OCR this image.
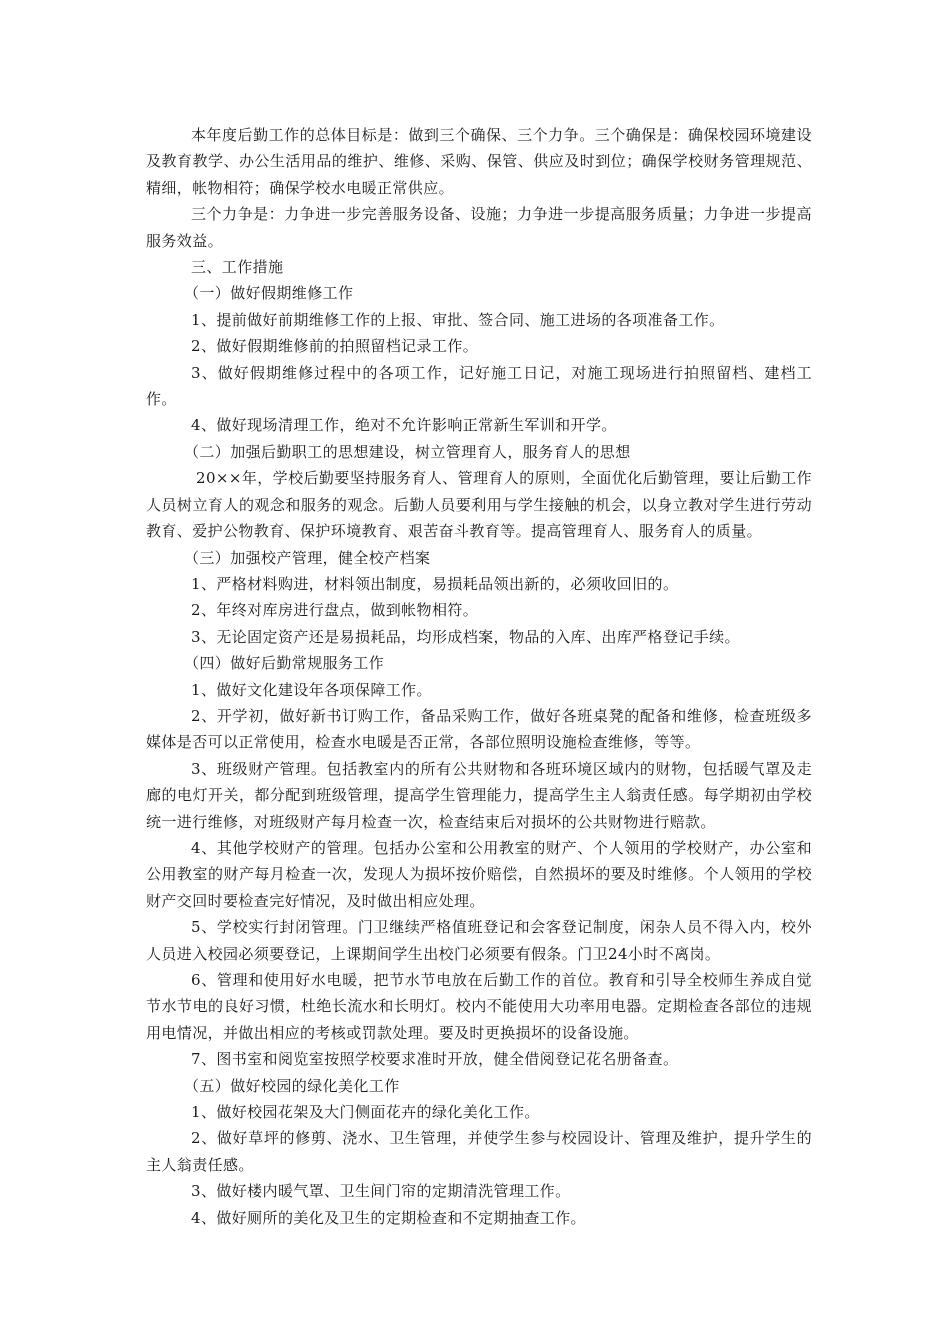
本年度后勤工作的总体目标是：做到三个确保、三个力争。三个确保是：确保校园环境建设及教育教学、办公生活用品的维护、维修、采购、保管、供应及时到位；确保学校财务管理规范、精细，帐物相符；确保学校水电暖正常供应。

三个力争是：力争进一步完善服务设备、设施；力争进一步提高服务质量；力争进一步提高服务效益。

三、工作措施

（一）做好假期维修工作

1、提前做好前期维修工作的上报、审批、签合同、施工进场的各项准备工作。

2、做好假期维修前的拍照留档记录工作。

3、做好假期维修过程中的各项工作，记好施工日记，对施工现场进行拍照留档、建档工作。

4、做好现场清理工作，绝对不允许影响正常新生军训和开学。

（二）加强后勤职工的思想建设，树立管理育人，服务育人的思想

20××年，学校后勤要坚持服务育人、管理育人的原则，全面优化后勤管理，要让后勤工作人员树立育人的观念和服务的观念。后勤人员要利用与学生接触的机会，以身立教对学生进行劳动教育、爱护公物教育、保护环境教育、艰苦奋斗教育等。提高管理育人、服务育人的质量。

（三）加强校产管理，健全校产档案

1、严格材料购进，材料领出制度，易损耗品领出新的，必须收回旧的。

2、年终对库房进行盘点，做到帐物相符。

3、无论固定资产还是易损耗品，均形成档案，物品的入库、出库严格登记手续。

（四）做好后勤常规服务工作

1、做好文化建设年各项保障工作。

2、开学初，做好新书订购工作，备品采购工作，做好各班桌凳的配备和维修，检查班级多媒体是否可以正常使用，检查水电暖是否正常，各部位照明设施检查维修，等等。

3、班级财产管理。包括教室内的所有公共财物和各班环境区域内的财物，包括暖气罩及走廊的电灯开关，都分配到班级管理，提高学生管理能力，提高学生主人翁责任感。每学期初由学校统一进行维修，对班级财产每月检查一次，检查结束后对损坏的公共财物进行赔款。

4、其他学校财产的管理。包括办公室和公用教室的财产、个人领用的学校财产，办公室和公用教室的财产每月检查一次，发现人为损坏按价赔偿，自然损坏的要及时维修。个人领用的学校财产交回时要检查完好情况，及时做出相应处理。

5、学校实行封闭管理。门卫继续严格值班登记和会客登记制度，闲杂人员不得入内，校外人员进入校园必须要登记，上课期间学生出校门必须要有假条。门卫24小时不离岗。

6、管理和使用好水电暖，把节水节电放在后勤工作的首位。教育和引导全校师生养成自觉节水节电的良好习惯，杜绝长流水和长明灯。校内不能使用大功率用电器。定期检查各部位的违规用电情况，并做出相应的考核或罚款处理。要及时更换损坏的设备设施。

7、图书室和阅览室按照学校要求准时开放，健全借阅登记花名册备查。

（五）做好校园的绿化美化工作

1、做好校园花架及大门侧面花卉的绿化美化工作。

2、做好草坪的修剪、浇水、卫生管理，并使学生参与校园设计、管理及维护，提升学生的主人翁责任感。

3、做好楼内暖气罩、卫生间门帘的定期清洗管理工作。

4、做好厕所的美化及卫生的定期检查和不定期抽查工作。
